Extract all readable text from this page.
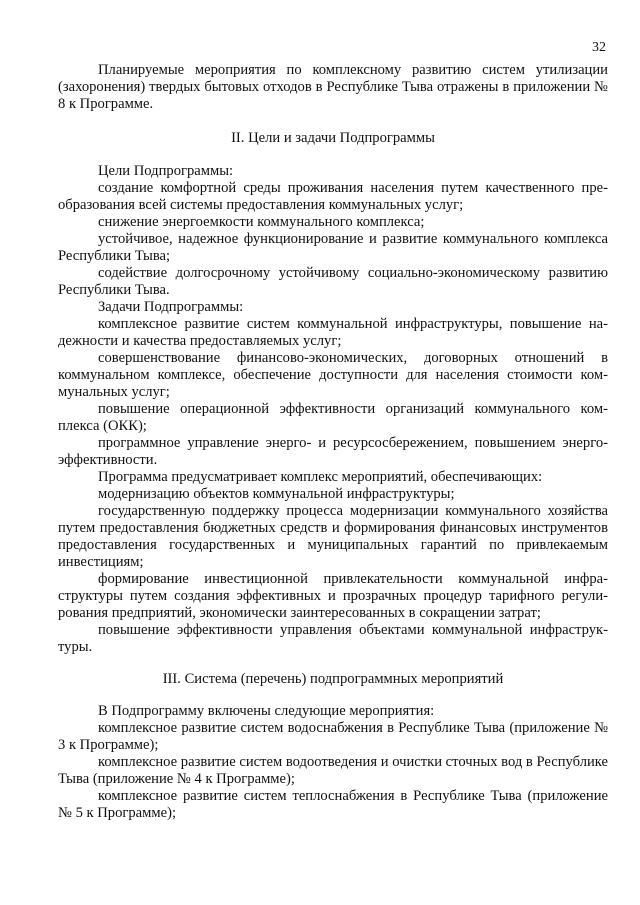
32

Планируемые мероприятия по комплексному развитию систем утилизации (захоронения) твердых бытовых отходов в Республике Тыва отражены в приложении № 8 к Программе.

II. Цели и задачи Подпрограммы

Цели Подпрограммы:

создание комфортной среды проживания населения путем качественного преобразования всей системы предоставления коммунальных услуг;

снижение энергоемкости коммунального комплекса;

устойчивое, надежное функционирование и развитие коммунального комплекса Республики Тыва;

содействие долгосрочному устойчивому социально-экономическому развитию Республики Тыва.

Задачи Подпрограммы:

комплексное развитие систем коммунальной инфраструктуры, повышение надежности и качества предоставляемых услуг;

совершенствование финансово-экономических, договорных отношений в коммунальном комплексе, обеспечение доступности для населения стоимости коммунальных услуг;

повышение операционной эффективности организаций коммунального комплекса (ОКК);

программное управление энерго- и ресурсосбережением, повышением энергоэффективности.

Программа предусматривает комплекс мероприятий, обеспечивающих:

модернизацию объектов коммунальной инфраструктуры;

государственную поддержку процесса модернизации коммунального хозяйства путем предоставления бюджетных средств и формирования финансовых инструментов предоставления государственных и муниципальных гарантий по привлекаемым инвестициям;

формирование инвестиционной привлекательности коммунальной инфраструктуры путем создания эффективных и прозрачных процедур тарифного регулирования предприятий, экономически заинтересованных в сокращении затрат;

повышение эффективности управления объектами коммунальной инфраструктуры.

III. Система (перечень) подпрограммных мероприятий

В Подпрограмму включены следующие мероприятия:

комплексное развитие систем водоснабжения в Республике Тыва (приложение № 3 к Программе);

комплексное развитие систем водоотведения и очистки сточных вод в Республике Тыва (приложение № 4 к Программе);

комплексное развитие систем теплоснабжения в Республике Тыва (приложение № 5 к Программе);
